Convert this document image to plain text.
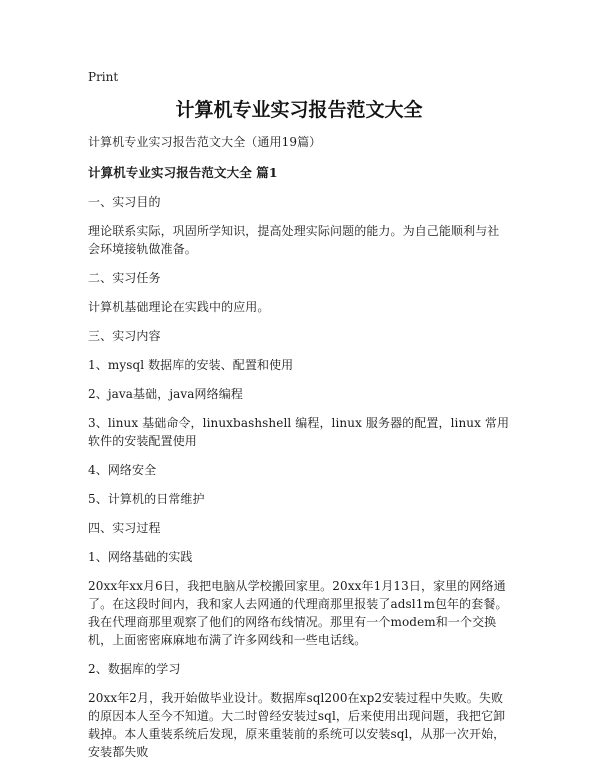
Print
计算机专业实习报告范文大全
计算机专业实习报告范文大全（通用19篇）
计算机专业实习报告范文大全 篇1
一、实习目的
理论联系实际，巩固所学知识，提高处理实际问题的能力。为自己能顺利与社会环境接轨做准备。
二、实习任务
计算机基础理论在实践中的应用。
三、实习内容
1、mysql 数据库的安装、配置和使用
2、java基础，java网络编程
3、linux 基础命令，linuxbashshell 编程，linux 服务器的配置，linux 常用软件的安装配置使用
4、网络安全
5、计算机的日常维护
四、实习过程
1、网络基础的实践
20xx年xx月6日，我把电脑从学校搬回家里。20xx年1月13日，家里的网络通了。在这段时间内，我和家人去网通的代理商那里报装了adsl1m包年的套餐。我在代理商那里观察了他们的网络布线情况。那里有一个modem和一个交换机，上面密密麻麻地布满了许多网线和一些电话线。
2、数据库的学习
20xx年2月，我开始做毕业设计。数据库sql200在xp2安装过程中失败。失败的原因本人至今不知道。大二时曾经安装过sql，后来使用出现问题，我把它卸载掉。本人重装系统后发现，原来重装前的系统可以安装sql，从那一次开始，安装都失败
